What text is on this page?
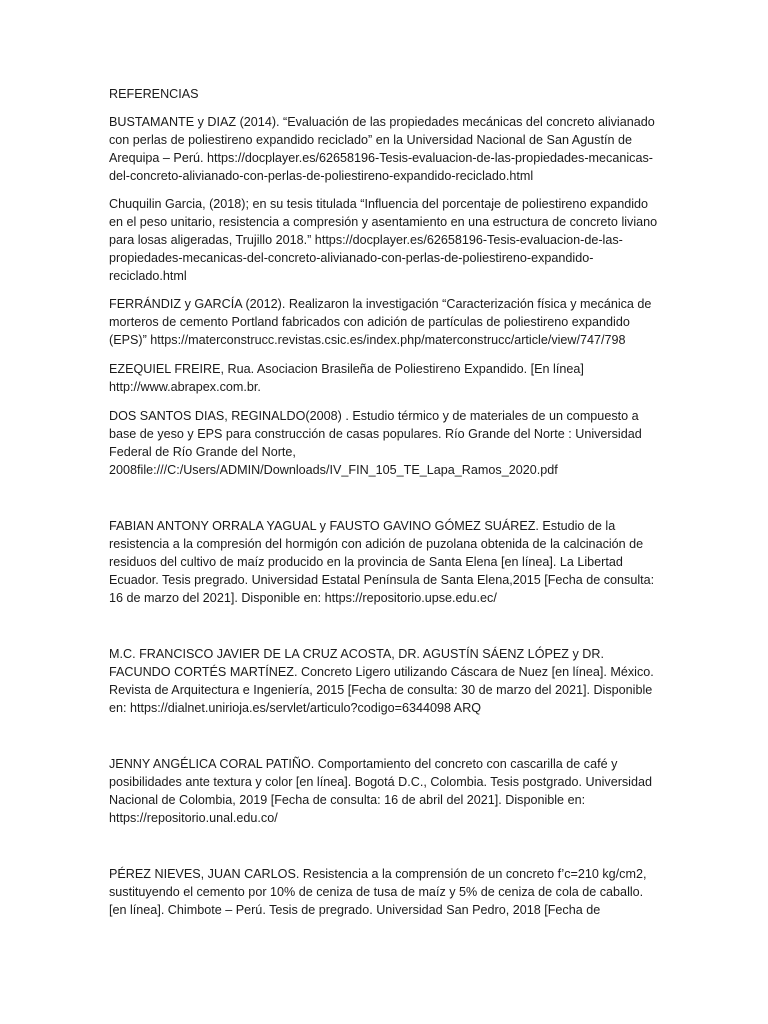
REFERENCIAS

BUSTAMANTE y DIAZ (2014). “Evaluación de las propiedades mecánicas del concreto alivianado con perlas de poliestireno expandido reciclado” en la Universidad Nacional de San Agustín de Arequipa – Perú. https://docplayer.es/62658196-Tesis-evaluacion-de-las-propiedades-mecanicas-del-concreto-alivianado-con-perlas-de-poliestireno-expandido-reciclado.html

Chuquilin Garcia, (2018); en su tesis titulada “Influencia del porcentaje de poliestireno expandido en el peso unitario, resistencia a compresión y asentamiento en una estructura de concreto liviano para losas aligeradas, Trujillo 2018.” https://docplayer.es/62658196-Tesis-evaluacion-de-las-propiedades-mecanicas-del-concreto-alivianado-con-perlas-de-poliestireno-expandido-reciclado.html

FERRÁNDIZ y GARCÍA (2012). Realizaron la investigación “Caracterización física y mecánica de morteros de cemento Portland fabricados con adición de partículas de poliestireno expandido (EPS)” https://materconstrucc.revistas.csic.es/index.php/materconstrucc/article/view/747/798

EZEQUIEL FREIRE, Rua. Asociacion Brasileña de Poliestireno Expandido. [En línea] http://www.abrapex.com.br.

DOS SANTOS DIAS, REGINALDO(2008) . Estudio térmico y de materiales de un compuesto a base de yeso y EPS para construcción de casas populares. Río Grande del Norte : Universidad Federal de Río Grande del Norte, 2008file:///C:/Users/ADMIN/Downloads/IV_FIN_105_TE_Lapa_Ramos_2020.pdf

FABIAN ANTONY ORRALA YAGUAL y FAUSTO GAVINO GÓMEZ SUÁREZ. Estudio de la resistencia a la compresión del hormigón con adición de puzolana obtenida de la calcinación de residuos del cultivo de maíz producido en la provincia de Santa Elena [en línea]. La Libertad Ecuador. Tesis pregrado. Universidad Estatal Península de Santa Elena,2015 [Fecha de consulta: 16 de marzo del 2021]. Disponible en: https://repositorio.upse.edu.ec/

M.C. FRANCISCO JAVIER DE LA CRUZ ACOSTA, DR. AGUSTÍN SÁENZ LÓPEZ y DR. FACUNDO CORTÉS MARTÍNEZ. Concreto Ligero utilizando Cáscara de Nuez [en línea]. México. Revista de Arquitectura e Ingeniería, 2015 [Fecha de consulta: 30 de marzo del 2021]. Disponible en: https://dialnet.unirioja.es/servlet/articulo?codigo=6344098 ARQ

JENNY ANGÉLICA CORAL PATIÑO. Comportamiento del concreto con cascarilla de café y posibilidades ante textura y color [en línea]. Bogotá D.C., Colombia. Tesis postgrado. Universidad Nacional de Colombia, 2019 [Fecha de consulta: 16 de abril del 2021]. Disponible en: https://repositorio.unal.edu.co/

PÉREZ NIEVES, JUAN CARLOS. Resistencia a la comprensión de un concreto f’c=210 kg/cm2, sustituyendo el cemento por 10% de ceniza de tusa de maíz y 5% de ceniza de cola de caballo. [en línea]. Chimbote – Perú. Tesis de pregrado. Universidad San Pedro, 2018 [Fecha de
